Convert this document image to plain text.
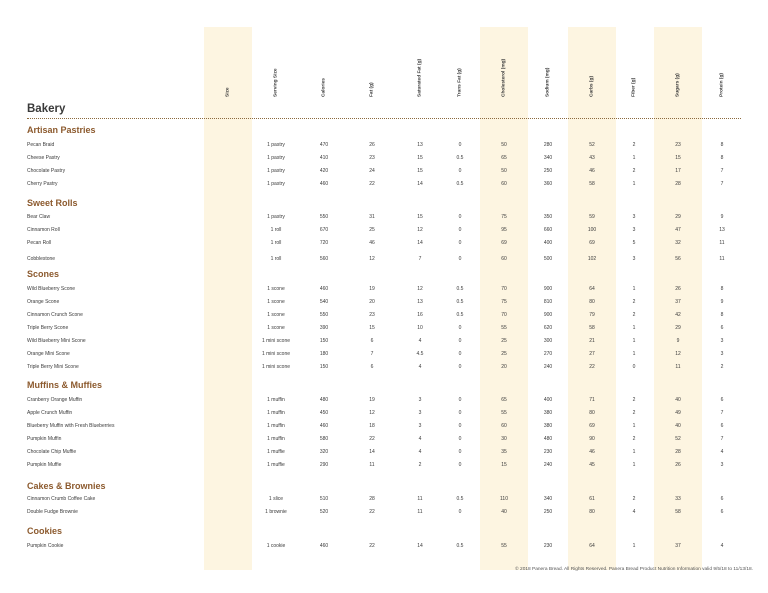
Size	Serving Size	Calories	Fat (g)	Saturated Fat (g)	Trans Fat (g)	Cholesterol (mg)	Sodium (mg)	Carbs (g)	Fiber (g)	Sugars (g)	Protein (g)
Bakery
Artisan Pastries
Pecan Braid	1 pastry	470	26	13	0	50	280	52	2	23	8
Cheese Pastry	1 pastry	410	23	15	0.5	65	340	43	1	15	8
Chocolate Pastry	1 pastry	420	24	15	0	50	250	46	2	17	7
Cherry Pastry	1 pastry	460	22	14	0.5	60	360	58	1	28	7
Sweet Rolls
Bear Claw	1 pastry	550	31	15	0	75	350	59	3	29	9
Cinnamon Roll	1 roll	670	25	12	0	95	660	100	3	47	13
Pecan Roll	1 roll	720	46	14	0	69	400	69	5	32	11
Cobblestone	1 roll	560	12	7	0	60	500	102	3	56	11
Scones
Wild Blueberry Scone	1 scone	460	19	12	0.5	70	900	64	1	26	8
Orange Scone	1 scone	540	20	13	0.5	75	810	80	2	37	9
Cinnamon Crunch Scone	1 scone	550	23	16	0.5	70	900	79	2	42	8
Triple Berry Scone	1 scone	390	15	10	0	55	620	58	1	29	6
Wild Blueberry Mini Scone	1 mini scone	150	6	4	0	25	300	21	1	9	3
Orange Mini Scone	1 mini scone	180	7	4.5	0	25	270	27	1	12	3
Triple Berry Mini Scone	1 mini scone	150	6	4	0	20	240	22	0	11	2
Muffins & Muffies
Cranberry Orange Muffin	1 muffin	480	19	3	0	65	400	71	2	40	6
Apple Crunch Muffin	1 muffin	450	12	3	0	55	380	80	2	49	7
Blueberry Muffin with Fresh Blueberries	1 muffin	460	18	3	0	60	380	69	1	40	6
Pumpkin Muffin	1 muffin	580	22	4	0	30	480	90	2	52	7
Chocolate Chip Muffie	1 muffie	320	14	4	0	35	230	46	1	28	4
Pumpkin Muffie	1 muffie	290	11	2	0	15	240	45	1	26	3
Cakes & Brownies
Cinnamon Crumb Coffee Cake	1 slice	510	28	11	0.5	110	340	61	2	33	6
Double Fudge Brownie	1 brownie	520	22	11	0	40	250	80	4	58	6
Cookies
Pumpkin Cookie	1 cookie	460	22	14	0.5	55	230	64	1	37	4
© 2018 Panera Bread. All Rights Reserved. Panera Bread Product Nutrition Information valid 9/5/18 to 11/13/18.
